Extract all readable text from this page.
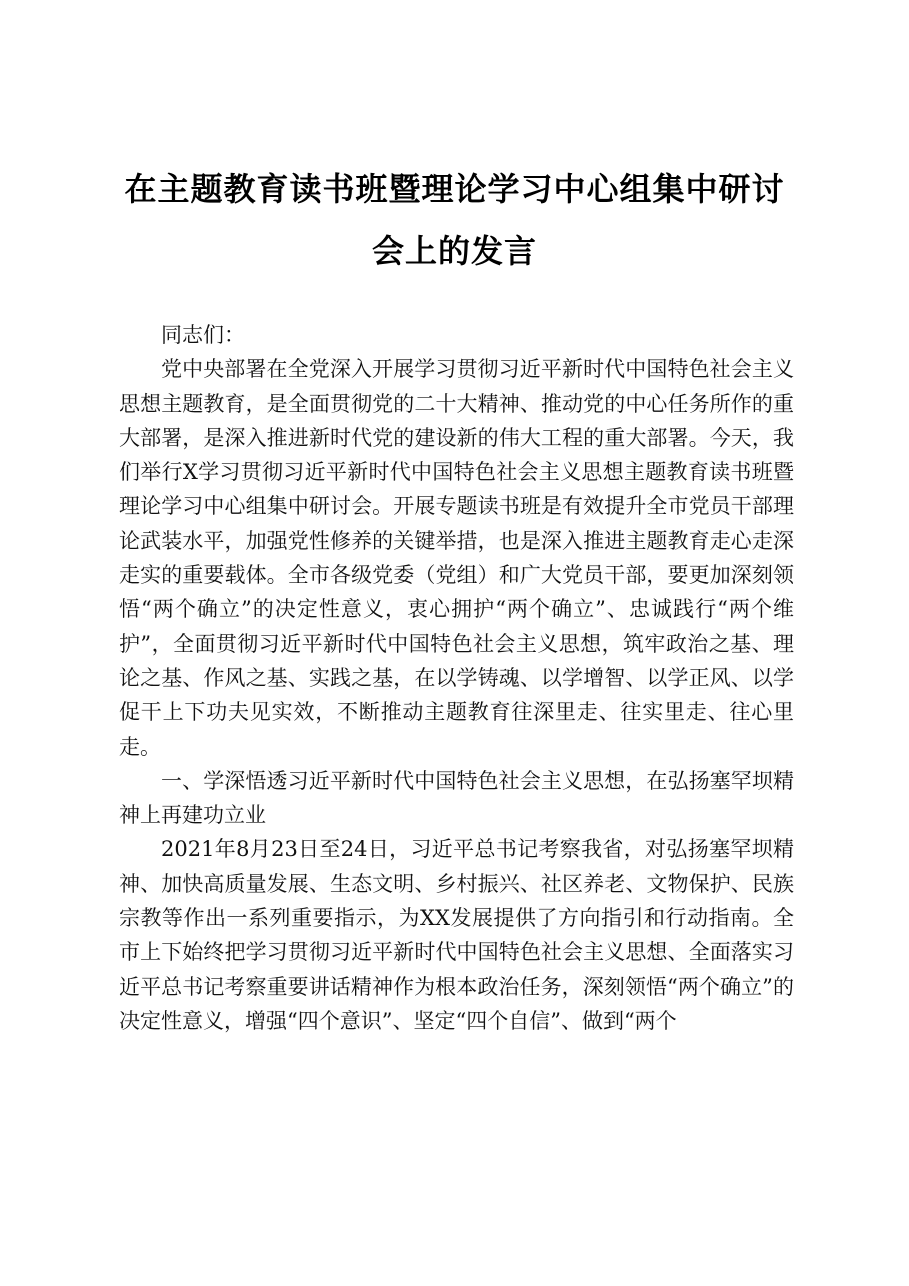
在主题教育读书班暨理论学习中心组集中研讨
会上的发言

同志们：

党中央部署在全党深入开展学习贯彻习近平新时代中国特色社会主义思想主题教育，是全面贯彻党的二十大精神、推动党的中心任务所作的重大部署，是深入推进新时代党的建设新的伟大工程的重大部署。今天，我们举行X学习贯彻习近平新时代中国特色社会主义思想主题教育读书班暨理论学习中心组集中研讨会。开展专题读书班是有效提升全市党员干部理论武装水平，加强党性修养的关键举措，也是深入推进主题教育走心走深走实的重要载体。全市各级党委（党组）和广大党员干部，要更加深刻领悟“两个确立”的决定性意义，衷心拥护“两个确立”、忠诚践行“两个维护”，全面贯彻习近平新时代中国特色社会主义思想，筑牢政治之基、理论之基、作风之基、实践之基，在以学铸魂、以学增智、以学正风、以学促干上下功夫见实效，不断推动主题教育往深里走、往实里走、往心里走。

一、学深悟透习近平新时代中国特色社会主义思想，在弘扬塞罕坝精神上再建功立业

2021年8月23日至24日，习近平总书记考察我省，对弘扬塞罕坝精神、加快高质量发展、生态文明、乡村振兴、社区养老、文物保护、民族宗教等作出一系列重要指示，为XX发展提供了方向指引和行动指南。全市上下始终把学习贯彻习近平新时代中国特色社会主义思想、全面落实习近平总书记考察重要讲话精神作为根本政治任务，深刻领悟“两个确立”的决定性意义，增强“四个意识”、坚定“四个自信”、做到“两个
